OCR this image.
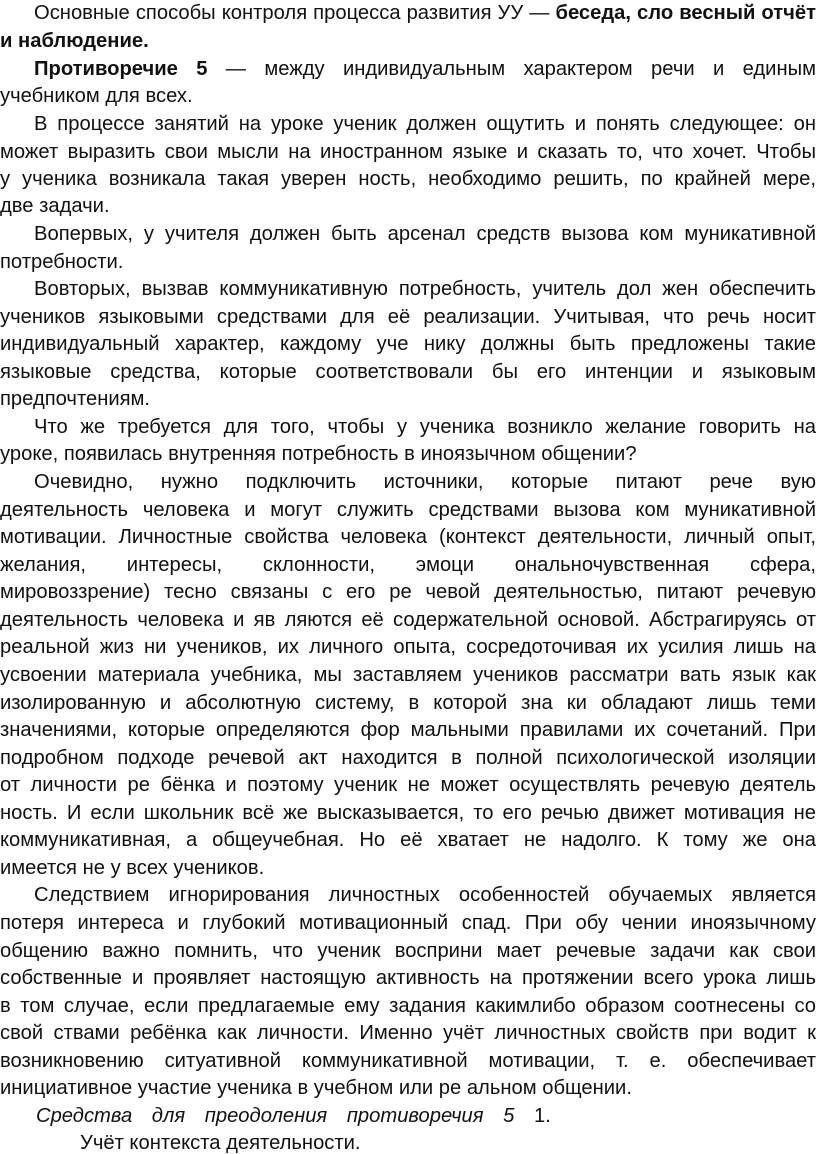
Основные способы контроля процесса развития УУ — беседа, сло весный отчёт
и наблюдение.
Противоречие 5 — между индивидуальным характером речи и единым
учебником для всех.
В процессе занятий на уроке ученик должен ощутить и понять следующее: он
может выразить свои мысли на иностранном языке и сказать то, что хочет. Чтобы
у ученика возникала такая уверен ность, необходимо решить, по крайней мере,
две задачи.
Вопервых, у учителя должен быть арсенал средств вызова ком муникативной
потребности.
Вовторых, вызвав коммуникативную потребность, учитель дол жен обеспечить
учеников языковыми средствами для её реализации. Учитывая, что речь носит
индивидуальный характер, каждому уче нику должны быть предложены такие
языковые средства, которые соответствовали бы его интенции и языковым
предпочтениям.
Что же требуется для того, чтобы у ученика возникло желание говорить на
уроке, появилась внутренняя потребность в иноязычном общении?
Очевидно, нужно подключить источники, которые питают рече вую
деятельность человека и могут служить средствами вызова ком муникативной
мотивации. Личностные свойства человека (контекст деятельности, личный опыт,
желания, интересы, склонности, эмоци ональночувственная сфера,
мировоззрение) тесно связаны с его ре чевой деятельностью, питают речевую
деятельность человека и яв ляются её содержательной основой. Абстрагируясь от
реальной жиз ни учеников, их личного опыта, сосредоточивая их усилия лишь на
усвоении материала учебника, мы заставляем учеников рассматри вать язык как
изолированную и абсолютную систему, в которой зна ки обладают лишь теми
значениями, которые определяются фор мальными правилами их сочетаний. При
подробном подходе речевой акт находится в полной психологической изоляции
от личности ре бёнка и поэтому ученик не может осуществлять речевую деятель
ность. И если школьник всё же высказывается, то его речью движет мотивация не
коммуникативная, а общеучебная. Но её хватает не надолго. К тому же она
имеется не у всех учеников.
Следствием игнорирования личностных особенностей обучаемых является
потеря интереса и глубокий мотивационный спад. При обу чении иноязычному
общению важно помнить, что ученик восприни мает речевые задачи как свои
собственные и проявляет настоящую активность на протяжении всего урока лишь
в том случае, если предлагаемые ему задания какимлибо образом соотнесены со
свой ствами ребёнка как личности. Именно учёт личностных свойств при водит к
возникновению ситуативной коммуникативной мотивации, т. е. обеспечивает
инициативное участие ученика в учебном или ре альном общении.
Средства для преодоления противоречия 5 1.
Учёт контекста деятельности.
